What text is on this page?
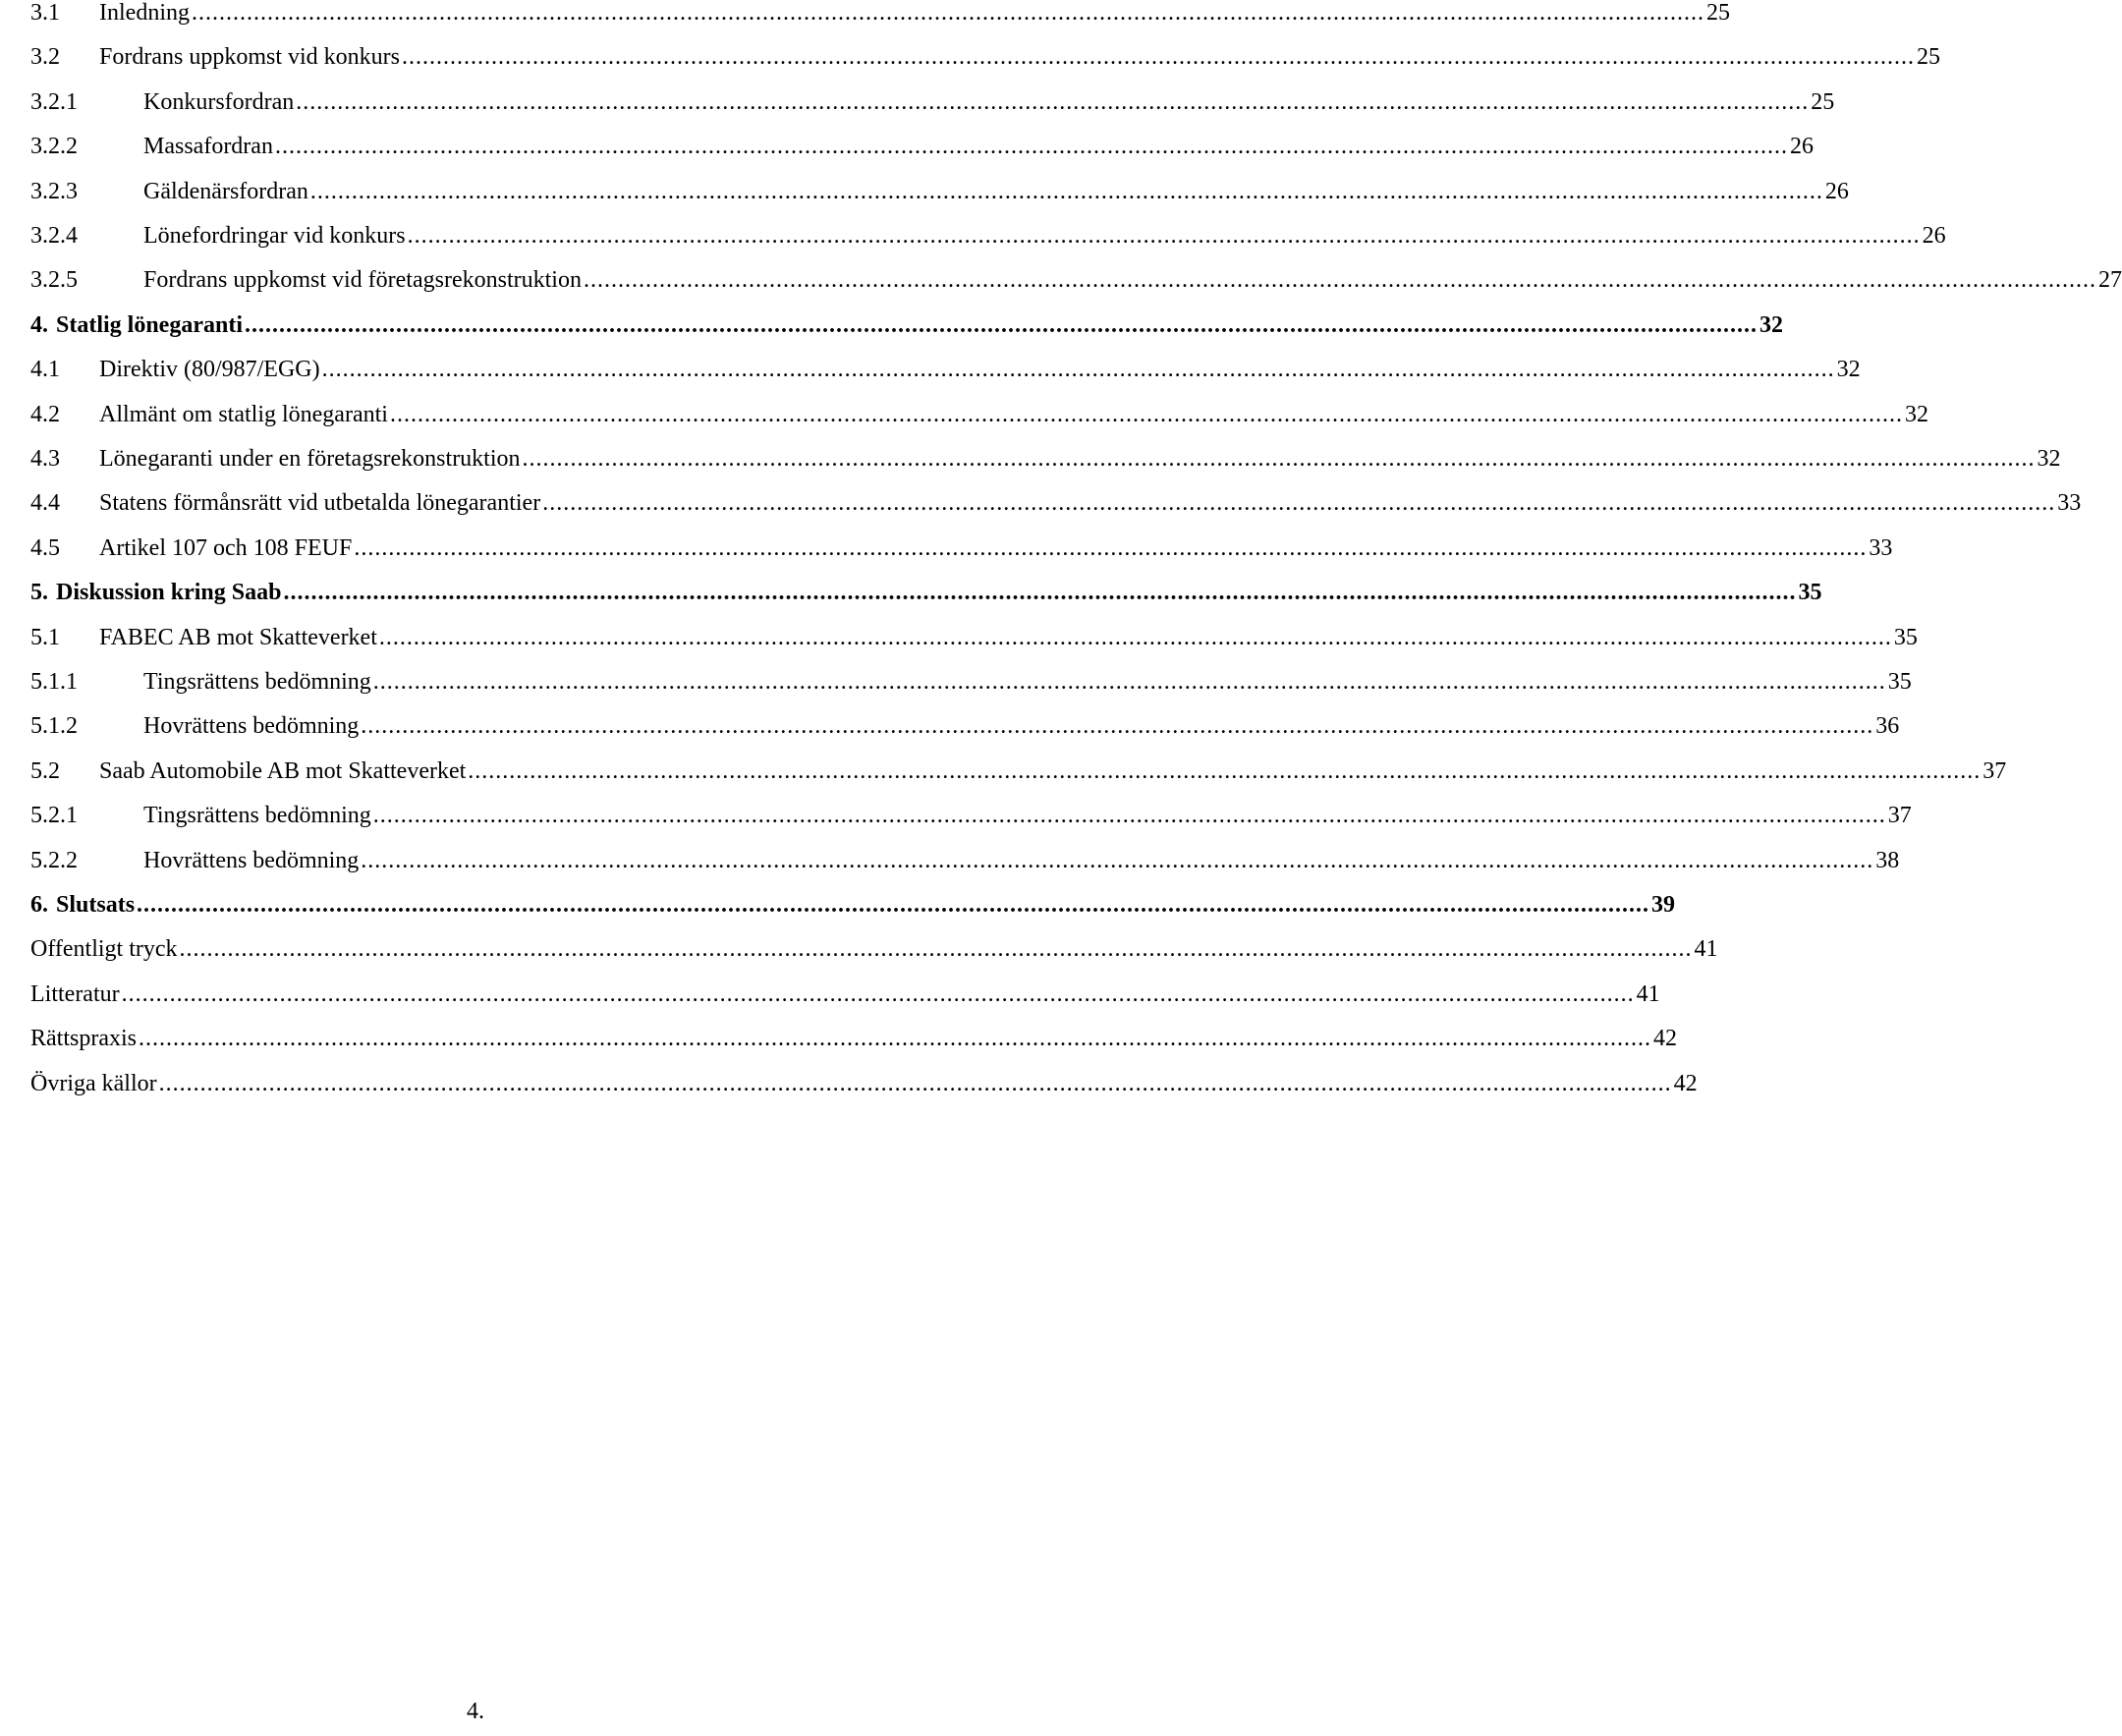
3.1 Inledning ............................................................................................................................................................................................................................ 25
3.2 Fordrans uppkomst vid konkurs ............................................................................................................................................................................................................................ 25
3.2.1	Konkursfordran ............................................................................................................................................................................................................................ 25
3.2.2	Massafordran ............................................................................................................................................................................................................................ 26
3.2.3	Gäldenärsfordran ............................................................................................................................................................................................................................ 26
3.2.4	Lönefordringar vid konkurs ............................................................................................................................................................................................................................ 26
3.2.5	Fordrans uppkomst vid företagsrekonstruktion ............................................................................................................................................................................................................................ 27
4. Statlig lönegaranti ............................................................................................................................................................................................................................ 32
4.1 Direktiv (80/987/EGG) ............................................................................................................................................................................................................................ 32
4.2 Allmänt om statlig lönegaranti ............................................................................................................................................................................................................................ 32
4.3 Lönegaranti under en företagsrekonstruktion ............................................................................................................................................................................................................................ 32
4.4 Statens förmånsrätt vid utbetalda lönegarantier ............................................................................................................................................................................................................................ 33
4.5 Artikel 107 och 108 FEUF ............................................................................................................................................................................................................................ 33
5. Diskussion kring Saab ............................................................................................................................................................................................................................ 35
5.1 FABEC AB mot Skatteverket ............................................................................................................................................................................................................................ 35
5.1.1	Tingsrättens bedömning ............................................................................................................................................................................................................................ 35
5.1.2	Hovrättens bedömning ............................................................................................................................................................................................................................ 36
5.2 Saab Automobile AB mot Skatteverket ............................................................................................................................................................................................................................ 37
5.2.1	Tingsrättens bedömning ............................................................................................................................................................................................................................ 37
5.2.2	Hovrättens bedömning ............................................................................................................................................................................................................................ 38
6. Slutsats ............................................................................................................................................................................................................................ 39
Offentligt tryck ............................................................................................................................................................................................................................ 41
Litteratur ............................................................................................................................................................................................................................ 41
Rättspraxis ............................................................................................................................................................................................................................ 42
Övriga källor ............................................................................................................................................................................................................................ 42
4.
